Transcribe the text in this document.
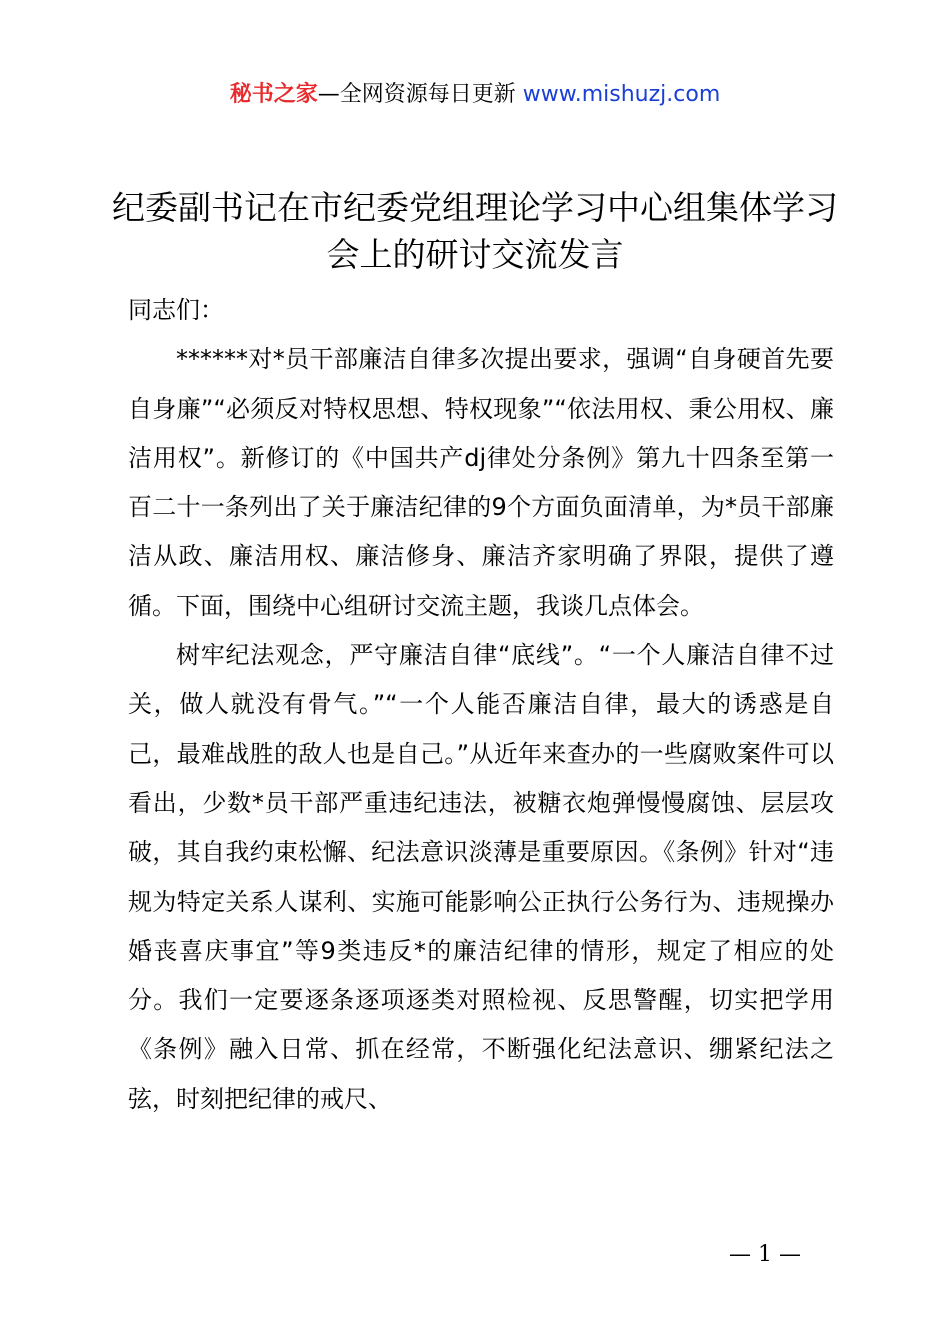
秘书之家—全网资源每日更新 www.mishuzj.com
纪委副书记在市纪委党组理论学习中心组集体学习会上的研讨交流发言

同志们：

******对*员干部廉洁自律多次提出要求，强调“自身硬首先要自身廉”“必须反对特权思想、特权现象”“依法用权、秉公用权、廉洁用权”。新修订的《中国共产dj律处分条例》第九十四条至第一百二十一条列出了关于廉洁纪律的9个方面负面清单，为*员干部廉洁从政、廉洁用权、廉洁修身、廉洁齐家明确了界限，提供了遵循。下面，围绕中心组研讨交流主题，我谈几点体会。

树牢纪法观念，严守廉洁自律“底线”。“一个人廉洁自律不过关，做人就没有骨气。”“一个人能否廉洁自律，最大的诱惑是自己，最难战胜的敌人也是自己。”从近年来查办的一些腐败案件可以看出，少数*员干部严重违纪违法，被糖衣炮弹慢慢腐蚀、层层攻破，其自我约束松懈、纪法意识淡薄是重要原因。《条例》针对“违规为特定关系人谋利、实施可能影响公正执行公务行为、违规操办婚丧喜庆事宜”等9类违反*的廉洁纪律的情形，规定了相应的处分。我们一定要逐条逐项逐类对照检视、反思警醒，切实把学用《条例》融入日常、抓在经常，不断强化纪法意识、绷紧纪法之弦，时刻把纪律的戒尺、

— 1 —
